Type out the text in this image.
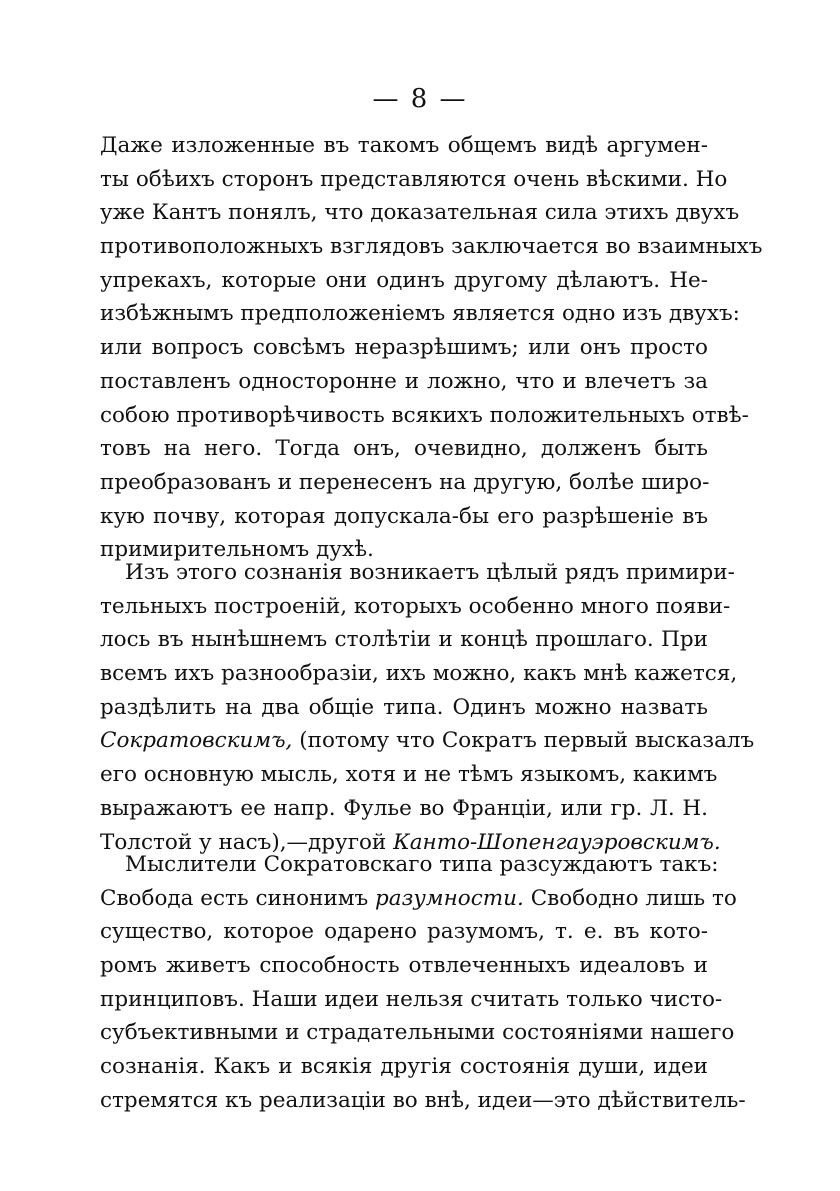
— 8 —
Даже изложенные въ такомъ общемъ видѣ аргумен-
ты обѣихъ сторонъ представляются очень вѣскими. Но
уже Кантъ понялъ, что доказательная сила этихъ двухъ
противоположныхъ взглядовъ заключается во взаимныхъ
упрекахъ, которые они одинъ другому дѣлаютъ. Не-
избѣжнымъ предположенiемъ является одно изъ двухъ:
или вопросъ совсѣмъ неразрѣшимъ; или онъ просто
поставленъ односторонне и ложно, что и влечетъ за
собою противорѣчивость всякихъ положительныхъ отвѣ-
товъ на него. Тогда онъ, очевидно, долженъ быть
преобразованъ и перенесенъ на другую, болѣе широ-
кую почву, которая допускала-бы его разрѣшенiе въ
примирительномъ духѣ.
Изъ этого сознанiя возникаетъ цѣлый рядъ примири-
тельныхъ построенiй, которыхъ особенно много появи-
лось въ нынѣшнемъ столѣтiи и концѣ прошлаго. При
всемъ ихъ разнообразiи, ихъ можно, какъ мнѣ кажется,
раздѣлить на два общiе типа. Одинъ можно назвать
Сократовскимъ, (потому что Сократъ первый высказалъ
его основную мысль, хотя и не тѣмъ языкомъ, какимъ
выражаютъ ее напр. Фулье во Францiи, или гр. Л. Н.
Толстой у насъ),—другой Канто-Шопенгауэровскимъ.
Мыслители Сократовскаго типа разсуждаютъ такъ:
Свобода есть синонимъ разумности. Свободно лишь то
существо, которое одарено разумомъ, т. е. въ кото-
ромъ живетъ способность отвлеченныхъ идеаловъ и
принциповъ. Наши идеи нельзя считать только чисто-
субъективными и страдательными состоянiями нашего
сознанiя. Какъ и всякiя другiя состоянiя души, идеи
стремятся къ реализацiи во внѣ, идеи—это дѣйствитель-
